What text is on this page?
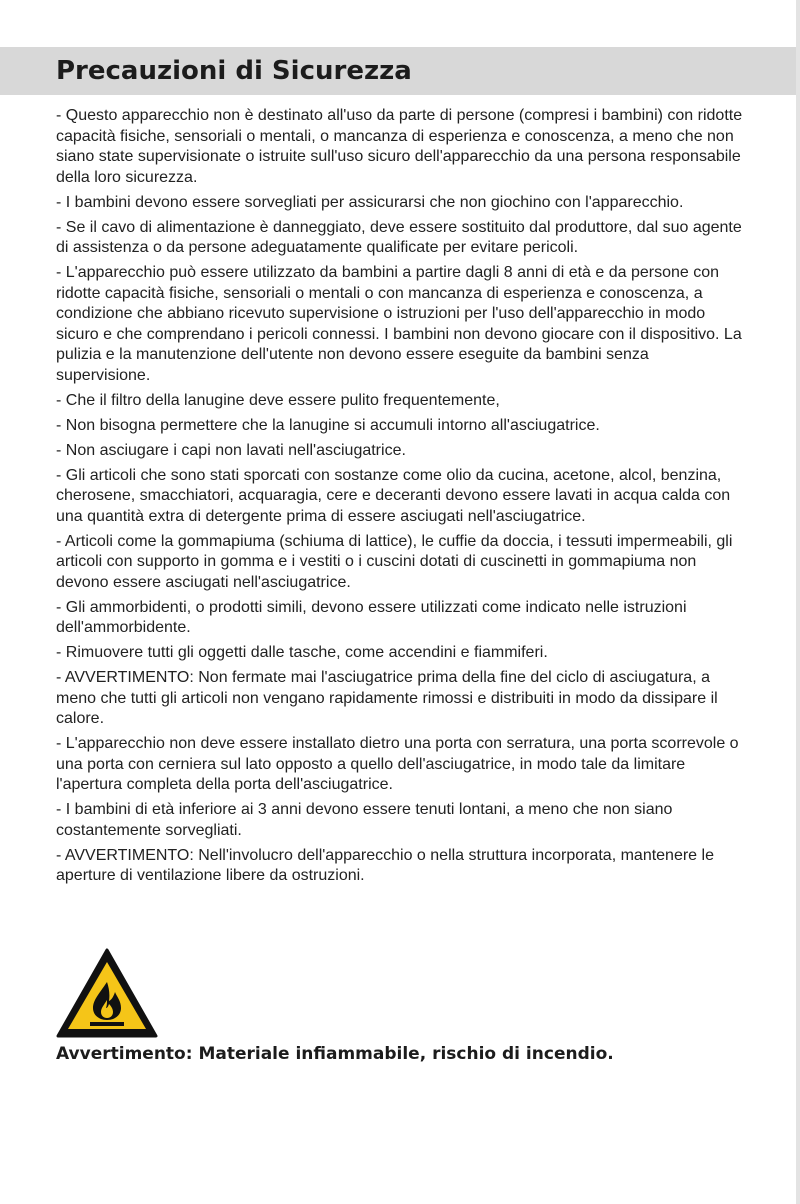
Precauzioni di Sicurezza
- Questo apparecchio non è destinato all'uso da parte di persone (compresi i bambini) con ridotte capacità fisiche, sensoriali o mentali, o mancanza di esperienza e conoscenza, a meno che non siano state supervisionate o istruite sull'uso sicuro dell'apparecchio da una persona responsabile della loro sicurezza.
- I bambini devono essere sorvegliati per assicurarsi che non giochino con l'apparecchio.
- Se il cavo di alimentazione è danneggiato, deve essere sostituito dal produttore, dal suo agente di assistenza o da persone adeguatamente qualificate per evitare pericoli.
- L'apparecchio può essere utilizzato da bambini a partire dagli 8 anni di età e da persone con ridotte capacità fisiche, sensoriali o mentali o con mancanza di esperienza e conoscenza, a condizione che abbiano ricevuto supervisione o istruzioni per l'uso dell'apparecchio in modo sicuro e che comprendano i pericoli connessi. I bambini non devono giocare con il dispositivo. La pulizia e la manutenzione dell'utente non devono essere eseguite da bambini senza supervisione.
- Che il filtro della lanugine deve essere pulito frequentemente,
- Non bisogna permettere che la lanugine si accumuli intorno all'asciugatrice.
- Non asciugare i capi non lavati nell'asciugatrice.
- Gli articoli che sono stati sporcati con sostanze come olio da cucina, acetone, alcol, benzina, cherosene, smacchiatori, acquaragia, cere e deceranti devono essere lavati in acqua calda con una quantità extra di detergente prima di essere asciugati nell'asciugatrice.
- Articoli come la gommapiuma (schiuma di lattice), le cuffie da doccia, i tessuti impermeabili, gli articoli con supporto in gomma e i vestiti o i cuscini dotati di cuscinetti in gommapiuma non devono essere asciugati nell'asciugatrice.
- Gli ammorbidenti, o prodotti simili, devono essere utilizzati come indicato nelle istruzioni dell'ammorbidente.
- Rimuovere tutti gli oggetti dalle tasche, come accendini e fiammiferi.
- AVVERTIMENTO: Non fermate mai l'asciugatrice prima della fine del ciclo di asciugatura, a meno che tutti gli articoli non vengano rapidamente rimossi e distribuiti in modo da dissipare il calore.
- L'apparecchio non deve essere installato dietro una porta con serratura, una porta scorrevole o una porta con cerniera sul lato opposto a quello dell'asciugatrice, in modo tale da limitare l'apertura completa della porta dell'asciugatrice.
- I bambini di età inferiore ai 3 anni devono essere tenuti lontani, a meno che non siano costantemente sorvegliati.
- AVVERTIMENTO: Nell'involucro dell'apparecchio o nella struttura incorporata, mantenere le aperture di ventilazione libere da ostruzioni.

Avvertimento: Materiale infiammabile, rischio di incendio.
